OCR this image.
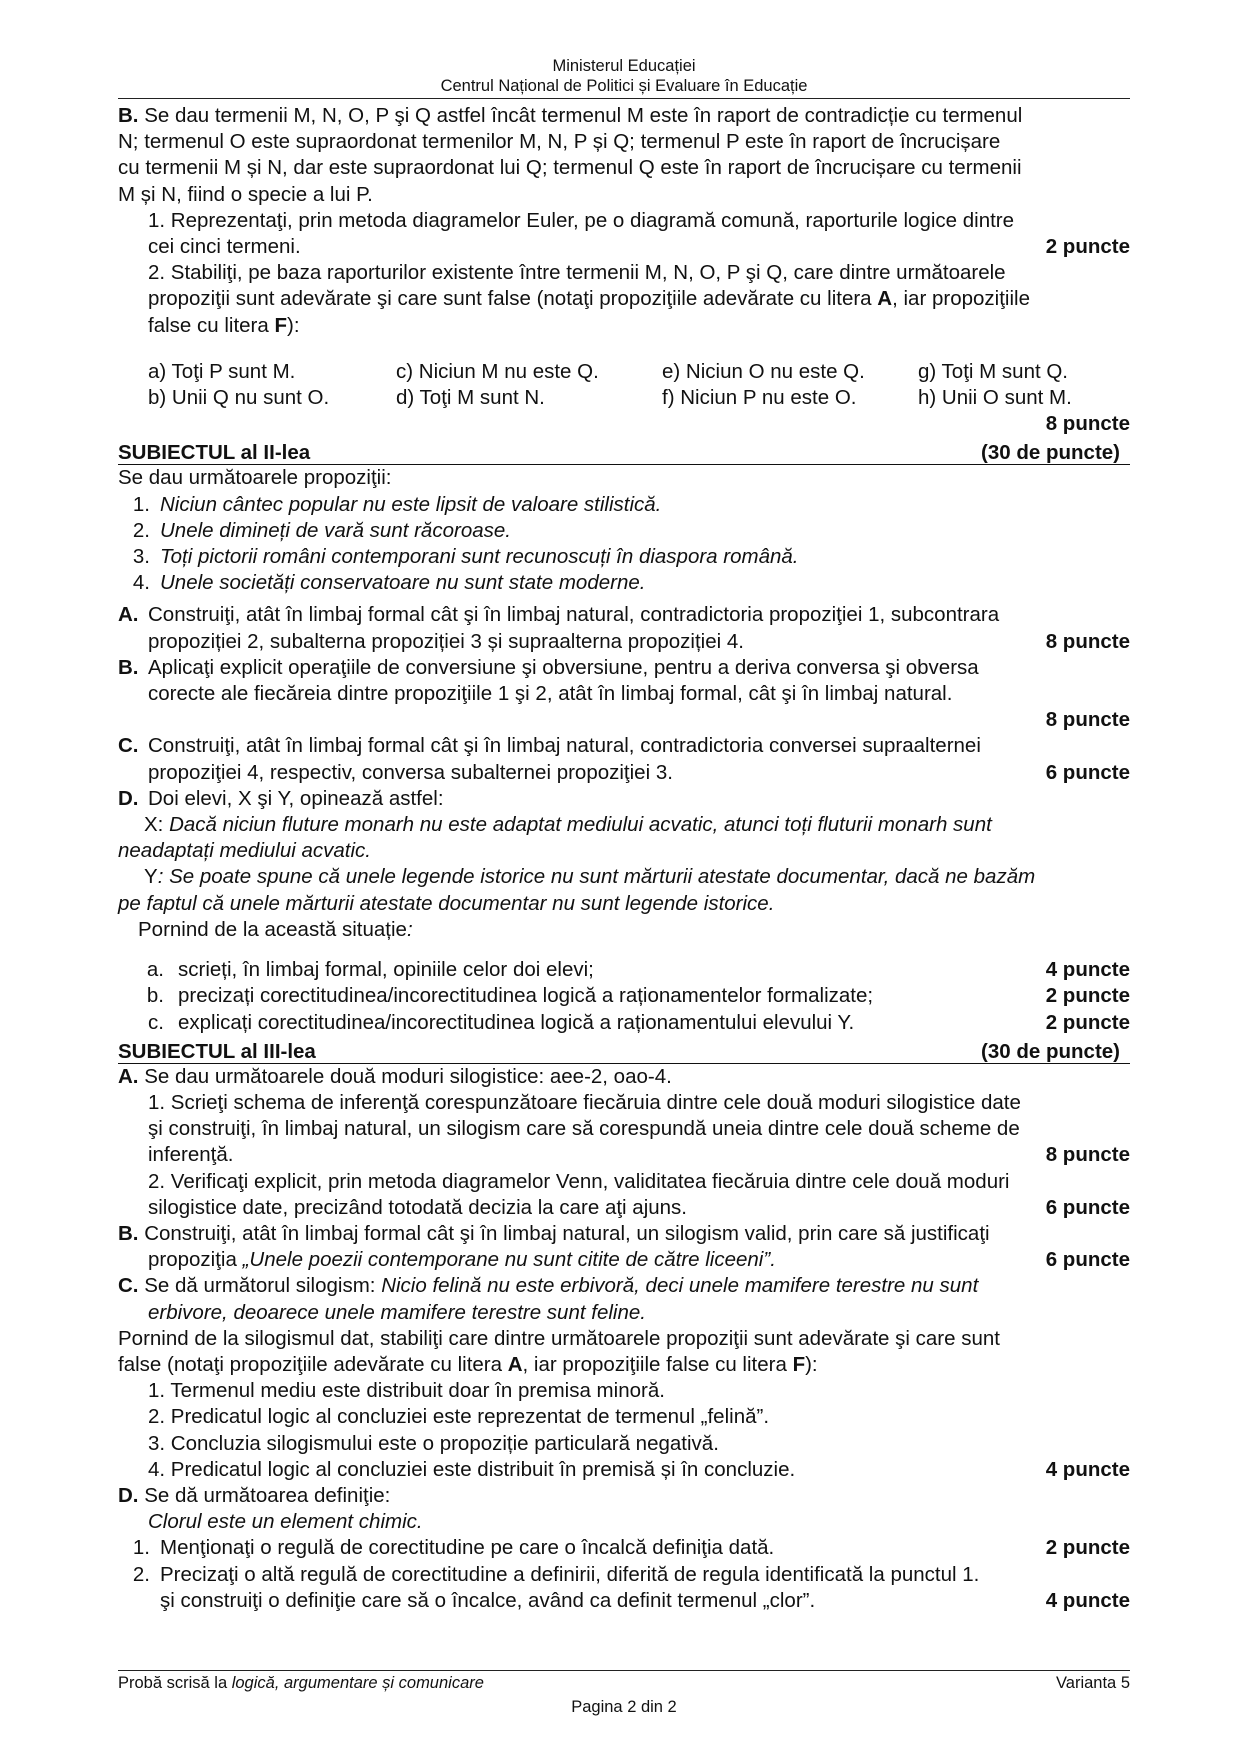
Ministerul Educației
Centrul Național de Politici și Evaluare în Educație
B. Se dau termenii M, N, O, P şi Q astfel încât termenul M este în raport de contradicție cu termenul
N; termenul O este supraordonat termenilor M, N, P și Q; termenul P este în raport de încrucișare
cu termenii M și N, dar este supraordonat lui Q; termenul Q este în raport de încrucișare cu termenii
M și N, fiind o specie a lui P.
1. Reprezentaţi, prin metoda diagramelor Euler, pe o diagramă comună, raporturile logice dintre
cei cinci termeni.	2 puncte
2. Stabiliţi, pe baza raporturilor existente între termenii M, N, O, P şi Q, care dintre următoarele
propoziţii sunt adevărate şi care sunt false (notaţi propoziţiile adevărate cu litera A, iar propoziţiile
false cu litera F):
a) Toţi P sunt M.	c) Niciun M nu este Q.	e) Niciun O nu este Q.	g) Toţi M sunt Q.
b) Unii Q nu sunt O.	d) Toţi M sunt N.	f) Niciun P nu este O.	h) Unii O sunt M.
8 puncte
SUBIECTUL al II-lea	(30 de puncte)
Se dau următoarele propoziţii:
1. Niciun cântec popular nu este lipsit de valoare stilistică.
2. Unele dimineți de vară sunt răcoroase.
3. Toți pictorii români contemporani sunt recunoscuți în diaspora română.
4. Unele societăți conservatoare nu sunt state moderne.
A. Construiţi, atât în limbaj formal cât şi în limbaj natural, contradictoria propoziţiei 1, subcontrara
propoziției 2, subalterna propoziției 3 și supraalterna propoziției 4.	8 puncte
B. Aplicaţi explicit operaţiile de conversiune şi obversiune, pentru a deriva conversa şi obversa
corecte ale fiecăreia dintre propoziţiile 1 şi 2, atât în limbaj formal, cât şi în limbaj natural.
8 puncte
C. Construiţi, atât în limbaj formal cât şi în limbaj natural, contradictoria conversei supraalternei
propoziţiei 4, respectiv, conversa subalternei propoziţiei 3.	6 puncte
D. Doi elevi, X şi Y, opinează astfel:
X: Dacă niciun fluture monarh nu este adaptat mediului acvatic, atunci toți fluturii monarh sunt
neadaptați mediului acvatic.
Y: Se poate spune că unele legende istorice nu sunt mărturii atestate documentar, dacă ne bazăm
pe faptul că unele mărturii atestate documentar nu sunt legende istorice.
Pornind de la această situație:
a. scrieți, în limbaj formal, opiniile celor doi elevi;	4 puncte
b. precizați corectitudinea/incorectitudinea logică a raționamentelor formalizate;	2 puncte
c. explicați corectitudinea/incorectitudinea logică a raționamentului elevului Y.	2 puncte
SUBIECTUL al III-lea	(30 de puncte)
A. Se dau următoarele două moduri silogistice: aee-2, oao-4.
1. Scrieţi schema de inferenţă corespunzătoare fiecăruia dintre cele două moduri silogistice date
şi construiţi, în limbaj natural, un silogism care să corespundă uneia dintre cele două scheme de
inferenţă.	8 puncte
2. Verificaţi explicit, prin metoda diagramelor Venn, validitatea fiecăruia dintre cele două moduri
silogistice date, precizând totodată decizia la care aţi ajuns.	6 puncte
B. Construiţi, atât în limbaj formal cât şi în limbaj natural, un silogism valid, prin care să justificaţi
propoziţia „Unele poezii contemporane nu sunt citite de către liceeni”.	6 puncte
C. Se dă următorul silogism: Nicio felină nu este erbivoră, deci unele mamifere terestre nu sunt
erbivore, deoarece unele mamifere terestre sunt feline.
Pornind de la silogismul dat, stabiliţi care dintre următoarele propoziţii sunt adevărate şi care sunt
false (notaţi propoziţiile adevărate cu litera A, iar propoziţiile false cu litera F):
1. Termenul mediu este distribuit doar în premisa minoră.
2. Predicatul logic al concluziei este reprezentat de termenul „felină”.
3. Concluzia silogismului este o propoziție particulară negativă.
4. Predicatul logic al concluziei este distribuit în premisă și în concluzie.	4 puncte
D. Se dă următoarea definiţie:
Clorul este un element chimic.
1. Menţionaţi o regulă de corectitudine pe care o încalcă definiţia dată.	2 puncte
2. Precizaţi o altă regulă de corectitudine a definirii, diferită de regula identificată la punctul 1.
şi construiţi o definiţie care să o încalce, având ca definit termenul „clor”.	4 puncte
Probă scrisă la logică, argumentare și comunicare	Varianta 5
Pagina 2 din 2
